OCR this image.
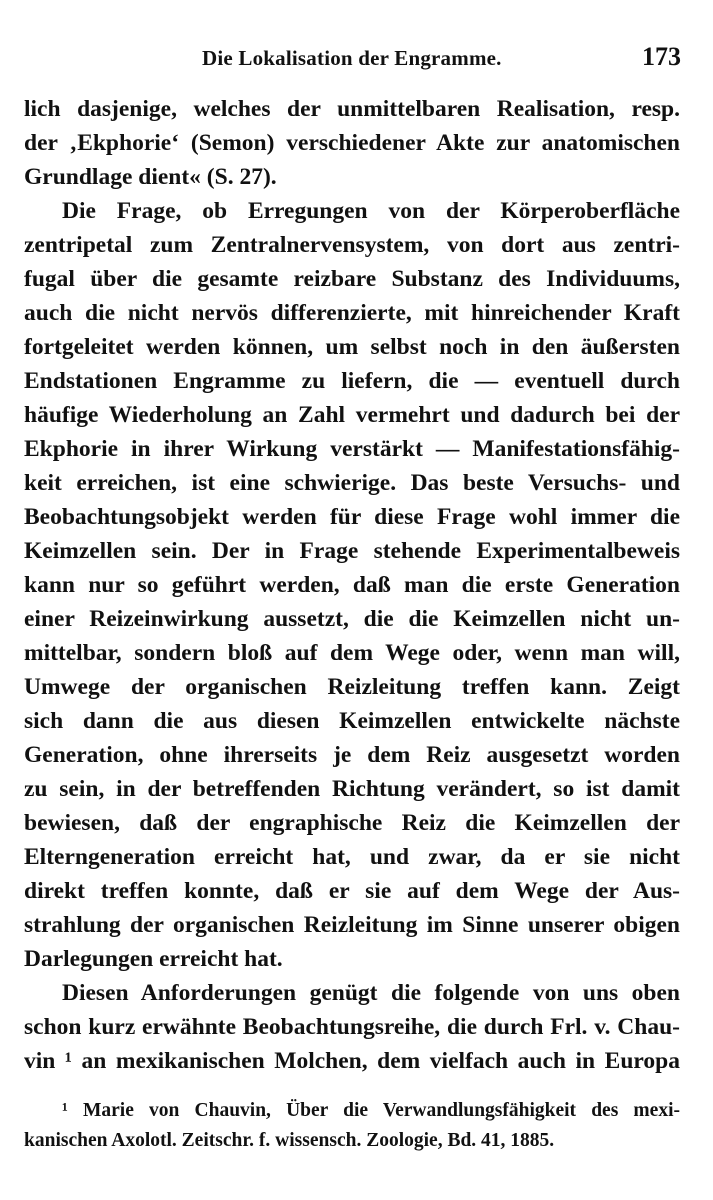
Die Lokalisation der Engramme.	173
lich dasjenige, welches der unmittelbaren Realisation, resp.
der ‚Ekphorie‘ (Semon) verschiedener Akte zur anatomischen
Grundlage dient« (S. 27).
Die Frage, ob Erregungen von der Körperoberfläche
zentripetal zum Zentralnervensystem, von dort aus zentri-
fugal über die gesamte reizbare Substanz des Individuums,
auch die nicht nervös differenzierte, mit hinreichender Kraft
fortgeleitet werden können, um selbst noch in den äußersten
Endstationen Engramme zu liefern, die — eventuell durch
häufige Wiederholung an Zahl vermehrt und dadurch bei der
Ekphorie in ihrer Wirkung verstärkt — Manifestationsfähig-
keit erreichen, ist eine schwierige. Das beste Versuchs- und
Beobachtungsobjekt werden für diese Frage wohl immer die
Keimzellen sein. Der in Frage stehende Experimentalbeweis
kann nur so geführt werden, daß man die erste Generation
einer Reizeinwirkung aussetzt, die die Keimzellen nicht un-
mittelbar, sondern bloß auf dem Wege oder, wenn man will,
Umwege der organischen Reizleitung treffen kann. Zeigt
sich dann die aus diesen Keimzellen entwickelte nächste
Generation, ohne ihrerseits je dem Reiz ausgesetzt worden
zu sein, in der betreffenden Richtung verändert, so ist damit
bewiesen, daß der engraphische Reiz die Keimzellen der
Elterngeneration erreicht hat, und zwar, da er sie nicht
direkt treffen konnte, daß er sie auf dem Wege der Aus-
strahlung der organischen Reizleitung im Sinne unserer obigen
Darlegungen erreicht hat.
Diesen Anforderungen genügt die folgende von uns oben
schon kurz erwähnte Beobachtungsreihe, die durch Frl. v. Chau-
vin ¹ an mexikanischen Molchen, dem vielfach auch in Europa
¹ Marie von Chauvin, Über die Verwandlungsfähigkeit des mexi-
kanischen Axolotl. Zeitschr. f. wissensch. Zoologie, Bd. 41, 1885.
